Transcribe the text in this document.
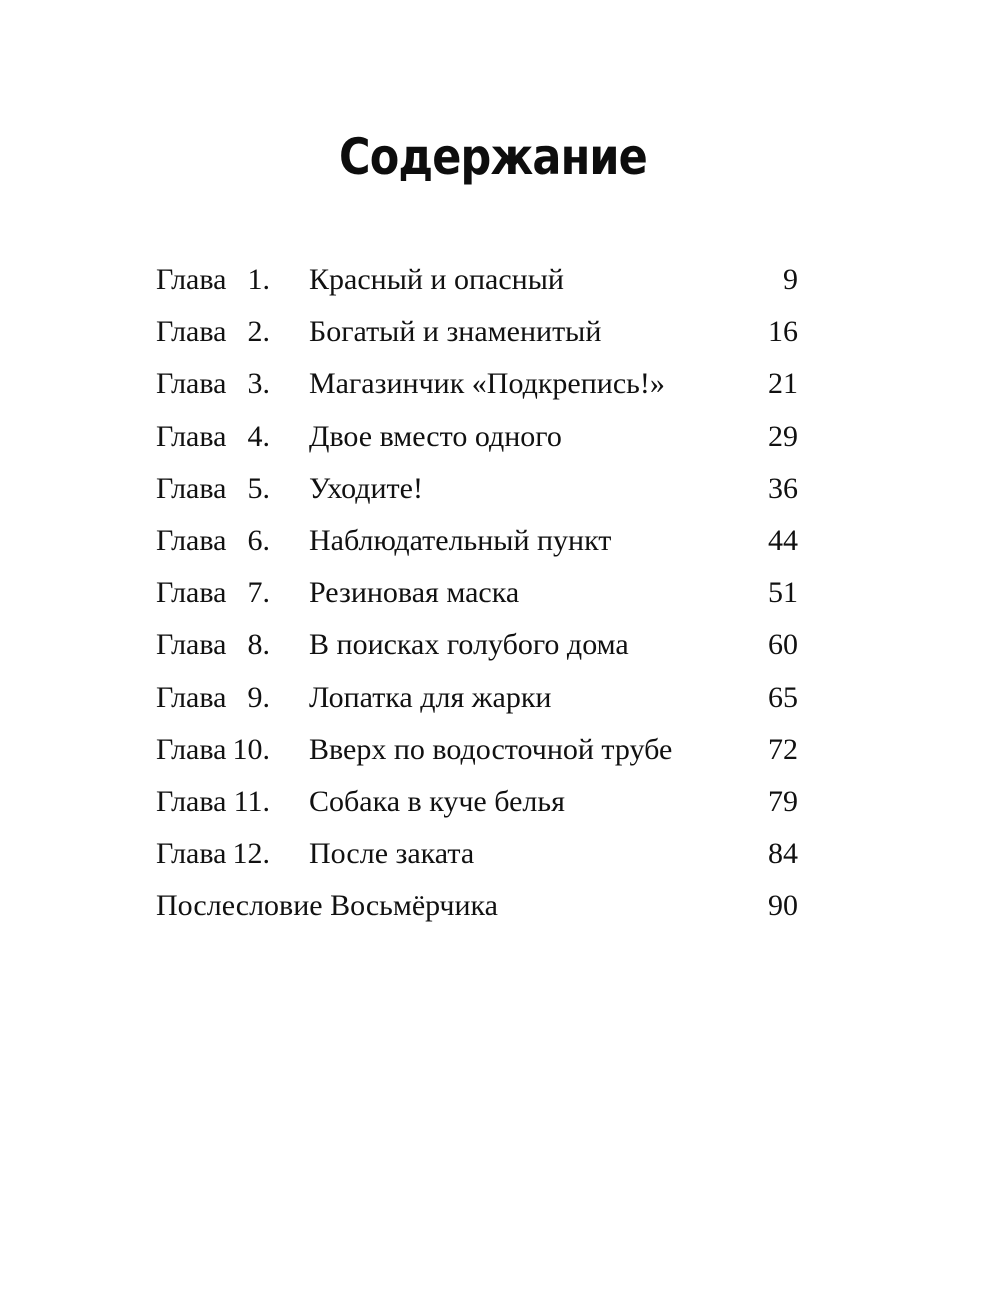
Содержание
Глава 1. Красный и опасный	9
Глава 2. Богатый и знаменитый	16
Глава 3. Магазинчик «Подкрепись!»	21
Глава 4. Двое вместо одного	29
Глава 5. Уходите!	36
Глава 6. Наблюдательный пункт	44
Глава 7. Резиновая маска	51
Глава 8. В поисках голубого дома	60
Глава 9. Лопатка для жарки	65
Глава 10. Вверх по водосточной трубе	72
Глава 11. Собака в куче белья	79
Глава 12. После заката	84
Послесловие Восьмёрчика	90
